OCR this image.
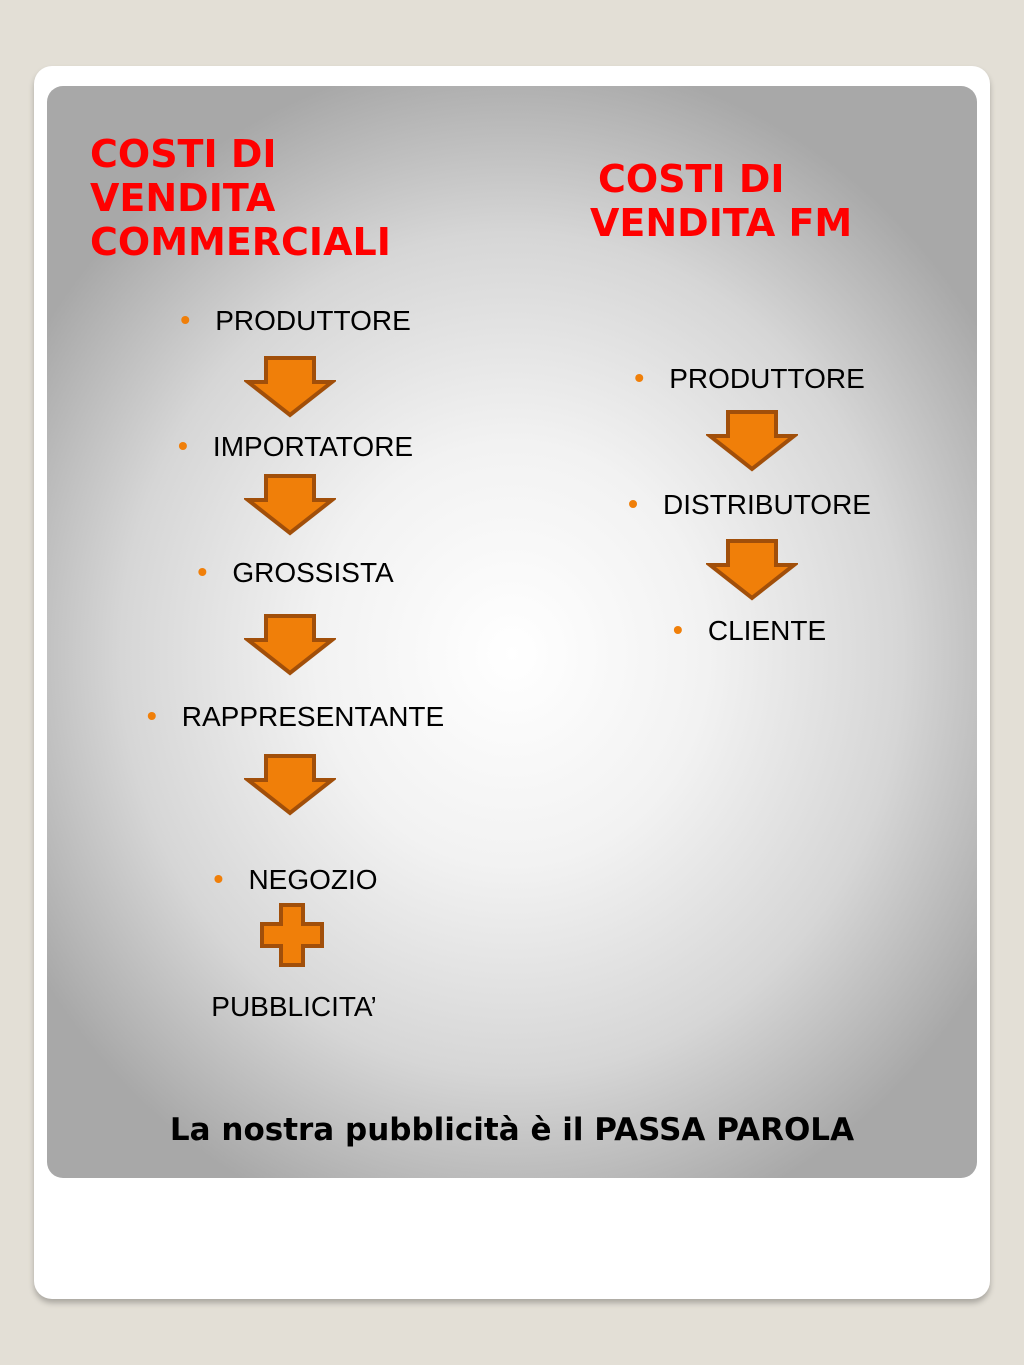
COSTI DI
VENDITA
COMMERCIALI
COSTI DI
VENDITA FM
PRODUTTORE
IMPORTATORE
GROSSISTA
RAPPRESENTANTE
NEGOZIO
PUBBLICITA’
PRODUTTORE
DISTRIBUTORE
CLIENTE
La nostra pubblicità è il PASSA PAROLA
